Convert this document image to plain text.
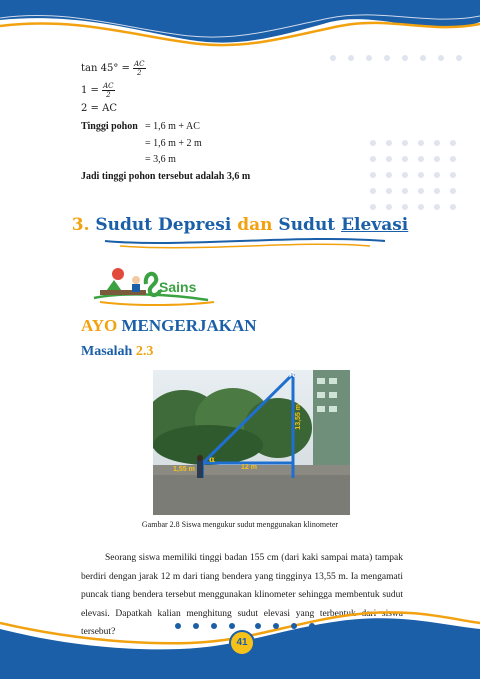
$\tan 45^\circ = \frac{AC}{2}$
$1 = \frac{AC}{2}$
2 = AC
Tinggi pohon = 1,6 m + AC
= 1,6 m + 2 m
= 3,6 m
Jadi tinggi pohon tersebut adalah 3,6 m
3. Sudut Depresi dan Sudut Elevasi
Sains
AYO MENGERJAKAN
Masalah 2.3
A
13,55 m
12 m
1,55 m
α
Gambar 2.8 Siswa mengukur sudut menggunakan klinometer
Seorang siswa memiliki tinggi badan 155 cm (dari kaki sampai mata) tampak berdiri dengan jarak 12 m dari tiang bendera yang tingginya 13,55 m. Ia mengamati puncak tiang bendera tersebut menggunakan klinometer sehingga membentuk sudut elevasi. Dapatkah kalian menghitung sudut elevasi yang terbentuk dari siswa tersebut?
41
